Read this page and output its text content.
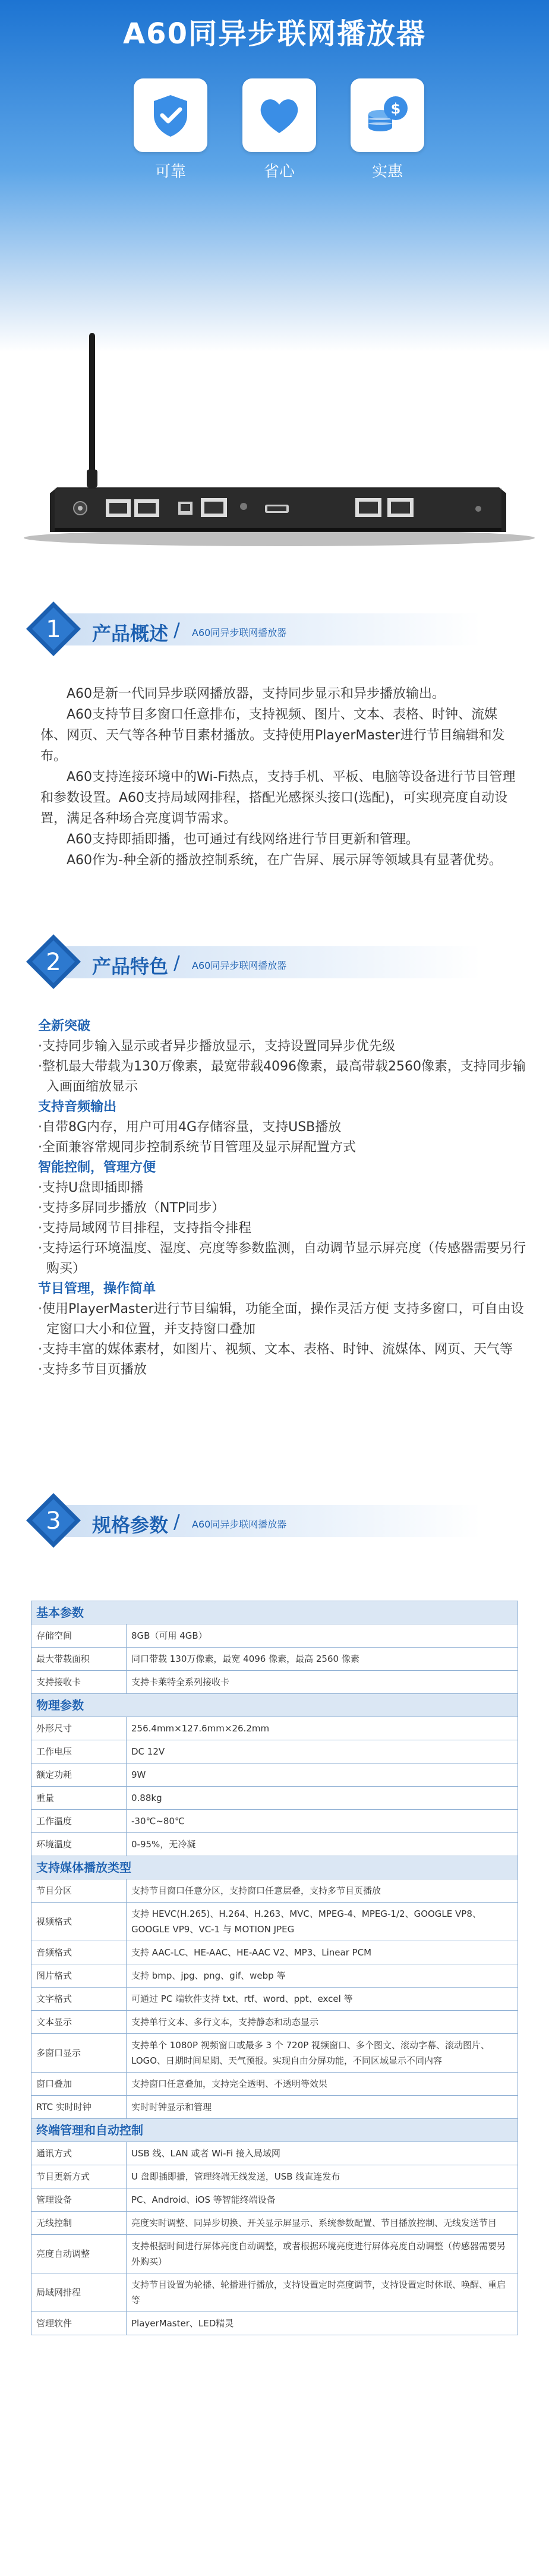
A60同异步联网播放器
可靠	省心
$
实惠
1 产品概述 / A60同异步联网播放器

A60是新一代同异步联网播放器，支持同步显示和异步播放输出。

A60支持节目多窗口任意排布，支持视频、图片、文本、表格、时钟、流媒体、网页、天气等各种节目素材播放。支持使用PlayerMaster进行节目编辑和发布。

A60支持连接环境中的Wi-Fi热点，支持手机、平板、电脑等设备进行节目管理和参数设置。A60支持局域网排程，搭配光感探头接口(选配)，可实现亮度自动设置，满足各种场合亮度调节需求。

A60支持即插即播，也可通过有线网络进行节目更新和管理。

A60作为-种全新的播放控制系统，在广告屏、展示屏等领域具有显著优势。

2 产品特色 / A60同异步联网播放器
全新突破
·支持同步输入显示或者异步播放显示，支持设置同异步优先级
·整机最大带载为130万像素，最宽带载4096像素，最高带载2560像素，支持同步输入画面缩放显示
支持音频输出
·自带8G内存，用户可用4G存储容量，支持USB播放
·全面兼容常规同步控制系统节目管理及显示屏配置方式
智能控制，管理方便
·支持U盘即插即播
·支持多屏同步播放（NTP同步）
·支持局域网节目排程，支持指令排程
·支持运行环境温度、湿度、亮度等参数监测，自动调节显示屏亮度（传感器需要另行购买）
节目管理，操作简单
·使用PlayerMaster进行节目编辑，功能全面，操作灵活方便 支持多窗口，可自由设定窗口大小和位置，并支持窗口叠加
·支持丰富的媒体素材，如图片、视频、文本、表格、时钟、流媒体、网页、天气等
·支持多节目页播放
3 规格参数 / A60同异步联网播放器
基本参数	
存储空间	8GB（可用 4GB）
最大带载面积	同口带载 130万像素，最宽 4096 像素，最高 2560 像素
支持接收卡	支持卡莱特全系列接收卡
物理参数	
外形尺寸	256.4mm×127.6mm×26.2mm
工作电压	DC 12V
额定功耗	9W
重量	0.88kg
工作温度	-30℃~80℃
环境温度	0-95%，无冷凝
支持媒体播放类型	
节目分区	支持节目窗口任意分区，支持窗口任意层叠，支持多节目页播放
视频格式	支持 HEVC(H.265)、H.264、H.263、MVC、MPEG-4、MPEG-1/2、GOOGLE VP8、GOOGLE VP9、VC-1 与 MOTION JPEG
音频格式	支持 AAC-LC、HE-AAC、HE-AAC V2、MP3、Linear PCM
图片格式	支持 bmp、jpg、png、gif、webp 等
文字格式	可通过 PC 端软件支持 txt、rtf、word、ppt、excel 等
文本显示	支持单行文本、多行文本，支持静态和动态显示
多窗口显示	支持单个 1080P 视频窗口或最多 3 个 720P 视频窗口、多个图文、滚动字幕、滚动图片、LOGO、日期时间星期、天气预报。实现自由分屏功能，不同区域显示不同内容
窗口叠加	支持窗口任意叠加，支持完全透明、不透明等效果
RTC 实时时钟	实时时钟显示和管理
终端管理和自动控制	
通讯方式	USB 线、LAN 或者 Wi-Fi 接入局域网
节目更新方式	U 盘即插即播，管理终端无线发送，USB 线直连发布
管理设备	PC、Android、iOS 等智能终端设备
无线控制	亮度实时调整、同异步切换、开关显示屏显示、系统参数配置、节目播放控制、无线发送节目
亮度自动调整	支持根据时间进行屏体亮度自动调整，或者根据环境亮度进行屏体亮度自动调整（传感器需要另外购买）
局域网排程	支持节目设置为轮播、轮播进行播放，支持设置定时亮度调节，支持设置定时休眠、唤醒、重启等
管理软件	PlayerMaster、LED精灵
